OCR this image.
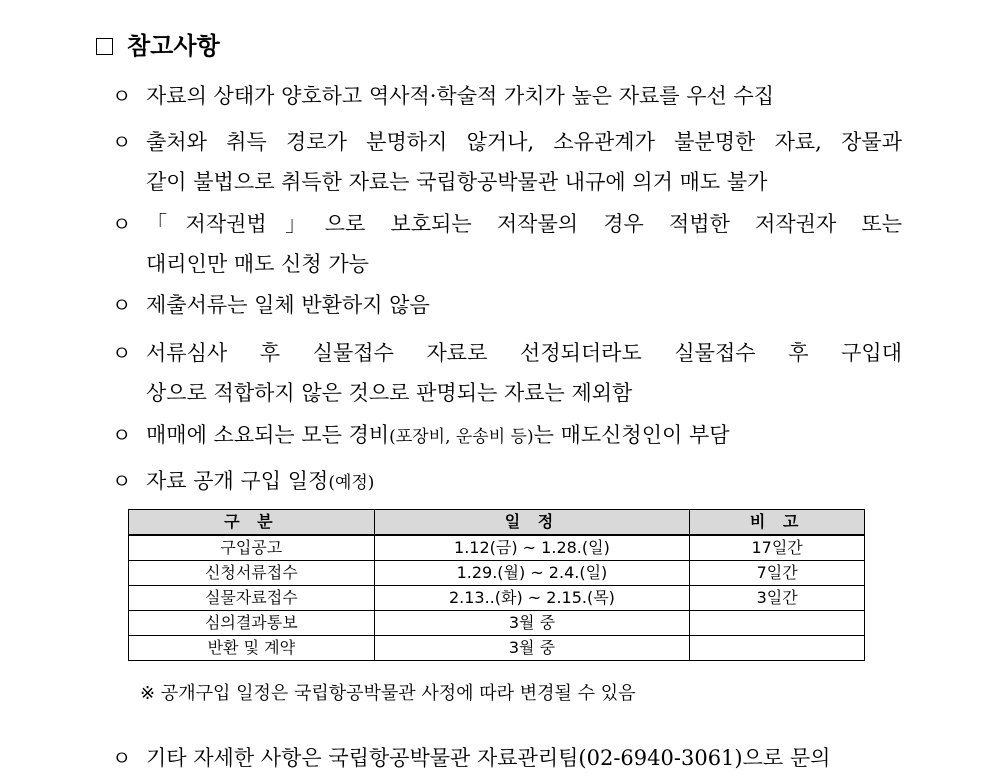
참고사항
ㅇ 자료의 상태가 양호하고 역사적·학술적 가치가 높은 자료를 우선 수집
ㅇ 출처와 취득 경로가 분명하지 않거나, 소유관계가 불분명한 자료, 장물과
같이 불법으로 취득한 자료는 국립항공박물관 내규에 의거 매도 불가
ㅇ 「저작권법」으로 보호되는 저작물의 경우 적법한 저작권자 또는
대리인만 매도 신청 가능
ㅇ 제출서류는 일체 반환하지 않음
ㅇ 서류심사 후 실물접수 자료로 선정되더라도 실물접수 후 구입대
상으로 적합하지 않은 것으로 판명되는 자료는 제외함
ㅇ 매매에 소요되는 모든 경비(포장비, 운송비 등)는 매도신청인이 부담
ㅇ 자료 공개 구입 일정(예정)
구 분	일 정	비 고
구입공고	1.12(금) ~ 1.28.(일)	17일간
신청서류접수	1.29.(월) ~ 2.4.(일)	7일간
실물자료접수	2.13..(화) ~ 2.15.(목)	3일간
심의결과통보	3월 중	
반환 및 계약	3월 중	
※ 공개구입 일정은 국립항공박물관 사정에 따라 변경될 수 있음
ㅇ 기타 자세한 사항은 국립항공박물관 자료관리팀(02-6940-3061)으로 문의
